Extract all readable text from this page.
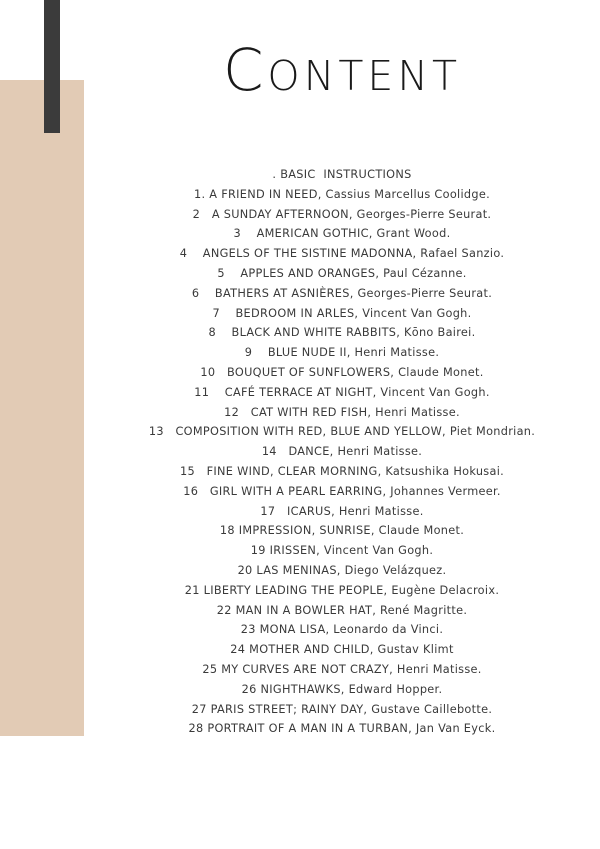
Content
. BASIC  INSTRUCTIONS
1. A FRIEND IN NEED, Cassius Marcellus Coolidge.
2   A SUNDAY AFTERNOON, Georges-Pierre Seurat.
3    AMERICAN GOTHIC, Grant Wood.
4    ANGELS OF THE SISTINE MADONNA, Rafael Sanzio.
5    APPLES AND ORANGES, Paul Cézanne.
6    BATHERS AT ASNIÈRES, Georges-Pierre Seurat.
7    BEDROOM IN ARLES, Vincent Van Gogh.
8    BLACK AND WHITE RABBITS, Kōno Bairei.
9    BLUE NUDE II, Henri Matisse.
10   BOUQUET OF SUNFLOWERS, Claude Monet.
11    CAFÉ TERRACE AT NIGHT, Vincent Van Gogh.
12   CAT WITH RED FISH, Henri Matisse.
13   COMPOSITION WITH RED, BLUE AND YELLOW, Piet Mondrian.
14   DANCE, Henri Matisse.
15   FINE WIND, CLEAR MORNING, Katsushika Hokusai.
16   GIRL WITH A PEARL EARRING, Johannes Vermeer.
17   ICARUS, Henri Matisse.
18 IMPRESSION, SUNRISE, Claude Monet.
19 IRISSEN, Vincent Van Gogh.
20 LAS MENINAS, Diego Velázquez.
21 LIBERTY LEADING THE PEOPLE, Eugène Delacroix.
22 MAN IN A BOWLER HAT, René Magritte.
23 MONA LISA, Leonardo da Vinci.
24 MOTHER AND CHILD, Gustav Klimt
25 MY CURVES ARE NOT CRAZY, Henri Matisse.
26 NIGHTHAWKS, Edward Hopper.
27 PARIS STREET; RAINY DAY, Gustave Caillebotte.
28 PORTRAIT OF A MAN IN A TURBAN, Jan Van Eyck.
